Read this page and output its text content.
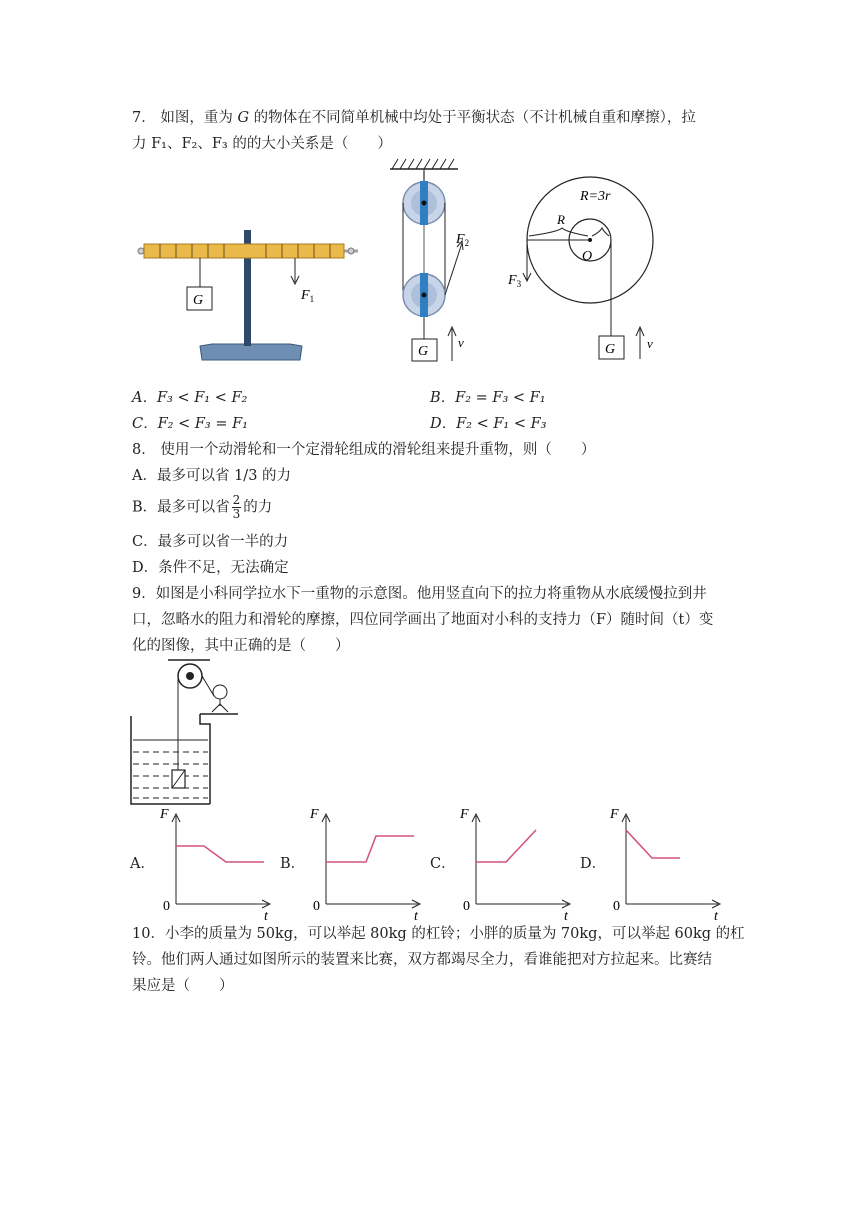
7． 如图，重为 G 的物体在不同简单机械中均处于平衡状态（不计机械自重和摩擦），拉
力 F₁、F₂、F₃ 的的大小关系是（　　）
G	$F_1$
$F_2$
G
v
R=3r
R
O
$F_3$
G v
A．F₃ < F₁ < F₂	B．F₂ = F₃ < F₁
C．F₂ < F₃ = F₁	D．F₂ < F₁ < F₃
8． 使用一个动滑轮和一个定滑轮组成的滑轮组来提升重物，则（　　）
A．最多可以省 1/3 的力
B．最多可以省 $\frac{2}{3}$ 的力
C．最多可以省一半的力
D．条件不足，无法确定
9．如图是小科同学拉水下一重物的示意图。他用竖直向下的拉力将重物从水底缓慢拉到井
口，忽略水的阻力和滑轮的摩擦，四位同学画出了地面对小科的支持力（F）随时间（t）变
化的图像，其中正确的是（　　）
A．
F
t
0
B．
F
t
0
C．
F
t
0
D．
F
t
0
10．小李的质量为 50kg，可以举起 80kg 的杠铃；小胖的质量为 70kg，可以举起 60kg 的杠
铃。他们两人通过如图所示的装置来比赛，双方都竭尽全力，看谁能把对方拉起来。比赛结
果应是（　　）
